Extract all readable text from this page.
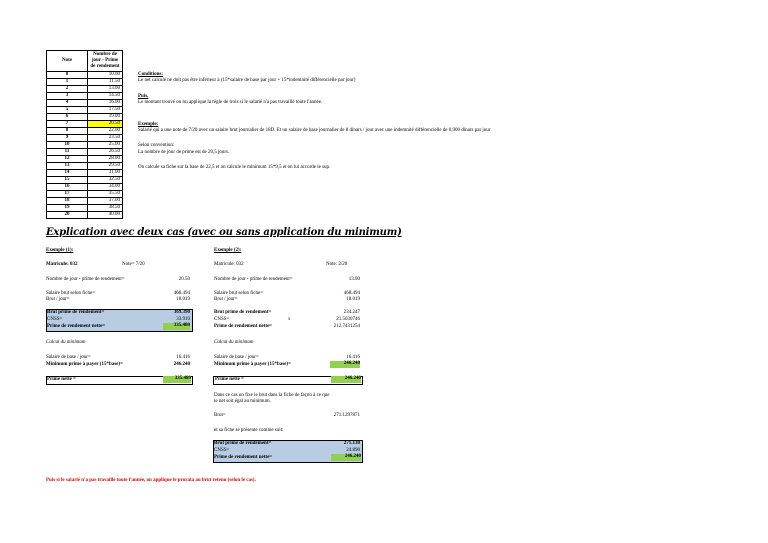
Note	Nombre de
jour - Prime
de rendement

0	10.00
1	11.50
2	13.00
3	14.50
4	16.00
5	17.50
6	19.00
7	20.50
8	22.00
9	23.50
10	25.00
11	26.50
12	28.00
13	29.50
14	31.00
15	32.50
16	34.00
17	35.50
18	37.00
19	38.50
20	40.00
Conditions:
Le net calculé ne doit pas être inférieur à (15*salaire de base par jour + 15*indemnité différencielle par jour)
Puis,
Le montant trouvé on lui applique la règle de trois si le salarié n'a pas travaillé toute l'année.
Exemple:
Salarié qui a une note de 7/20 avec un salaire brut journalier de 18D. Et un salaire de base journalier de 8 dinars / jour avec une indemnité différencielle de 0,900 dinars par jour
Selon convention:
La nombre de jour de prime est de 20,5 jours.
On calcule sa fiche sur la base de 22,5 et on calcule le minimum 15*9,5 et on lui accorde le sup.
Explication avec deux cas (avec ou sans application du minimum)
Exemple (1):
Matricule: 032	Note= 7/20
Nombre de jour - prime de rendement=	20.50
Salaire brut selon fiche=	468.494
Brut / jour=	18.019
Brut prime de rendement=	369.390
CNSS=	33.910
Prime de rendement nette=	335.480
Calcul du minimum
Salaire de base / jour=	16.416
Minimum prime à payer (15*base)=	246.240
Prime nette =	335.480
Exemple (2):
Matricule: 032	Note: 2/20
Nombre de jour - prime de rendement=	13.00
Salaire brut selon fiche=	468.494
Brut / jour=	18.019
Brut prime de rendement=	234.247
CNSS=	x	21.5030746
Prime de rendement nette=	212.7431254
Calcul du minimum
Salaire de base / jour=	16.416
Minimum prime à payer (15*base)=	246.240
Prime nette =	246.240
Dans ce cas on fixe le brut dans la fiche de façon à ce que
le net soit égal au minimum.
Brut=	271.1297871
et sa fiche se présente comme suit:
Brut prime de rendement=	271.130
CNSS=	24.890
Prime de rendement nette=	246.240
Puis si le salarié n'a pas travaillé toute l'année, on applique le prorata au brut retenu (selon le cas).
